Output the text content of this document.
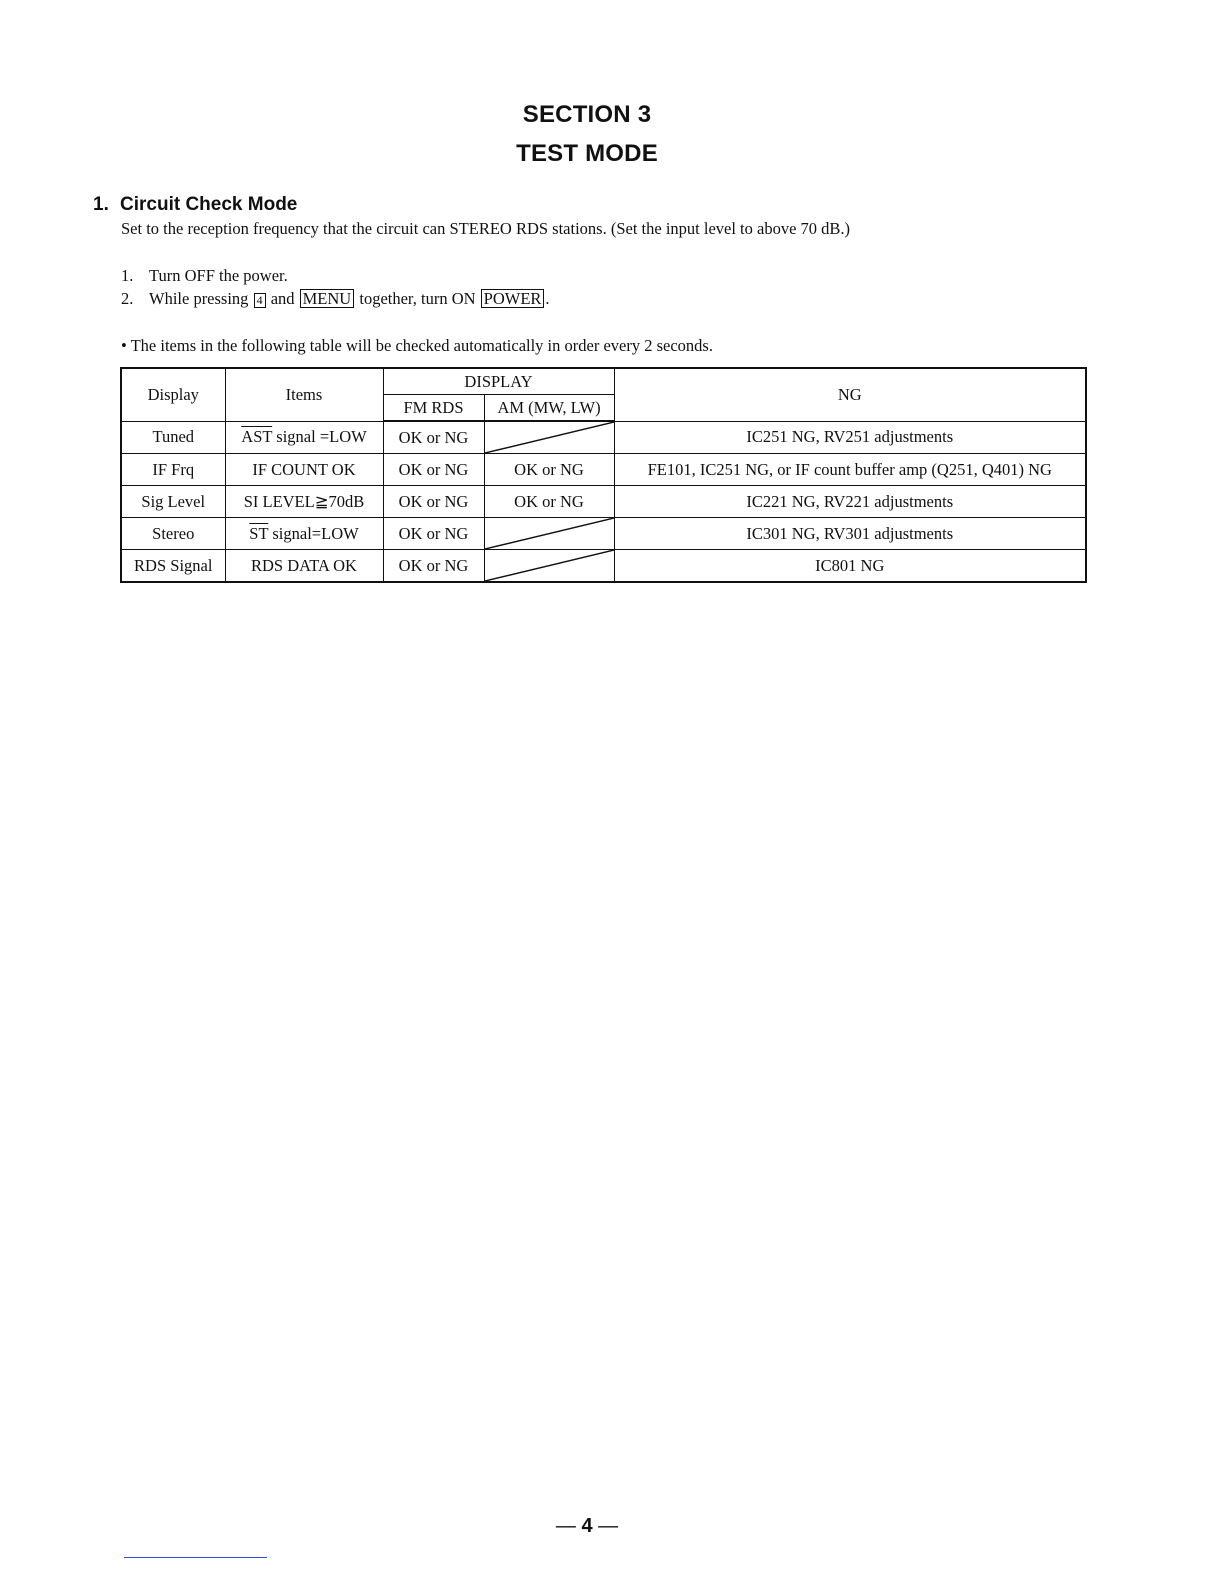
SECTION 3
TEST MODE
1. Circuit Check Mode
Set to the reception frequency that the circuit can STEREO RDS stations. (Set the input level to above 70 dB.)
1. Turn OFF the power.
2. While pressing 4 and MENU together, turn ON POWER .
• The items in the following table will be checked automatically in order every 2 seconds.
Display	Items	DISPLAY		NG
		FM RDS	AM (MW, LW)	
Tuned	$\overline{AST}$ signal =LOW	OK or NG		IC251 NG, RV251 adjustments
IF Frq	IF COUNT OK	OK or NG	OK or NG	FE101, IC251 NG, or IF count buffer amp (Q251, Q401) NG
Sig Level	SI LEVEL≧70dB	OK or NG	OK or NG	IC221 NG, RV221 adjustments
Stereo	$\overline{ST}$ signal=LOW	OK or NG		IC301 NG, RV301 adjustments
RDS Signal	RDS DATA OK	OK or NG		IC801 NG
— 4 —
